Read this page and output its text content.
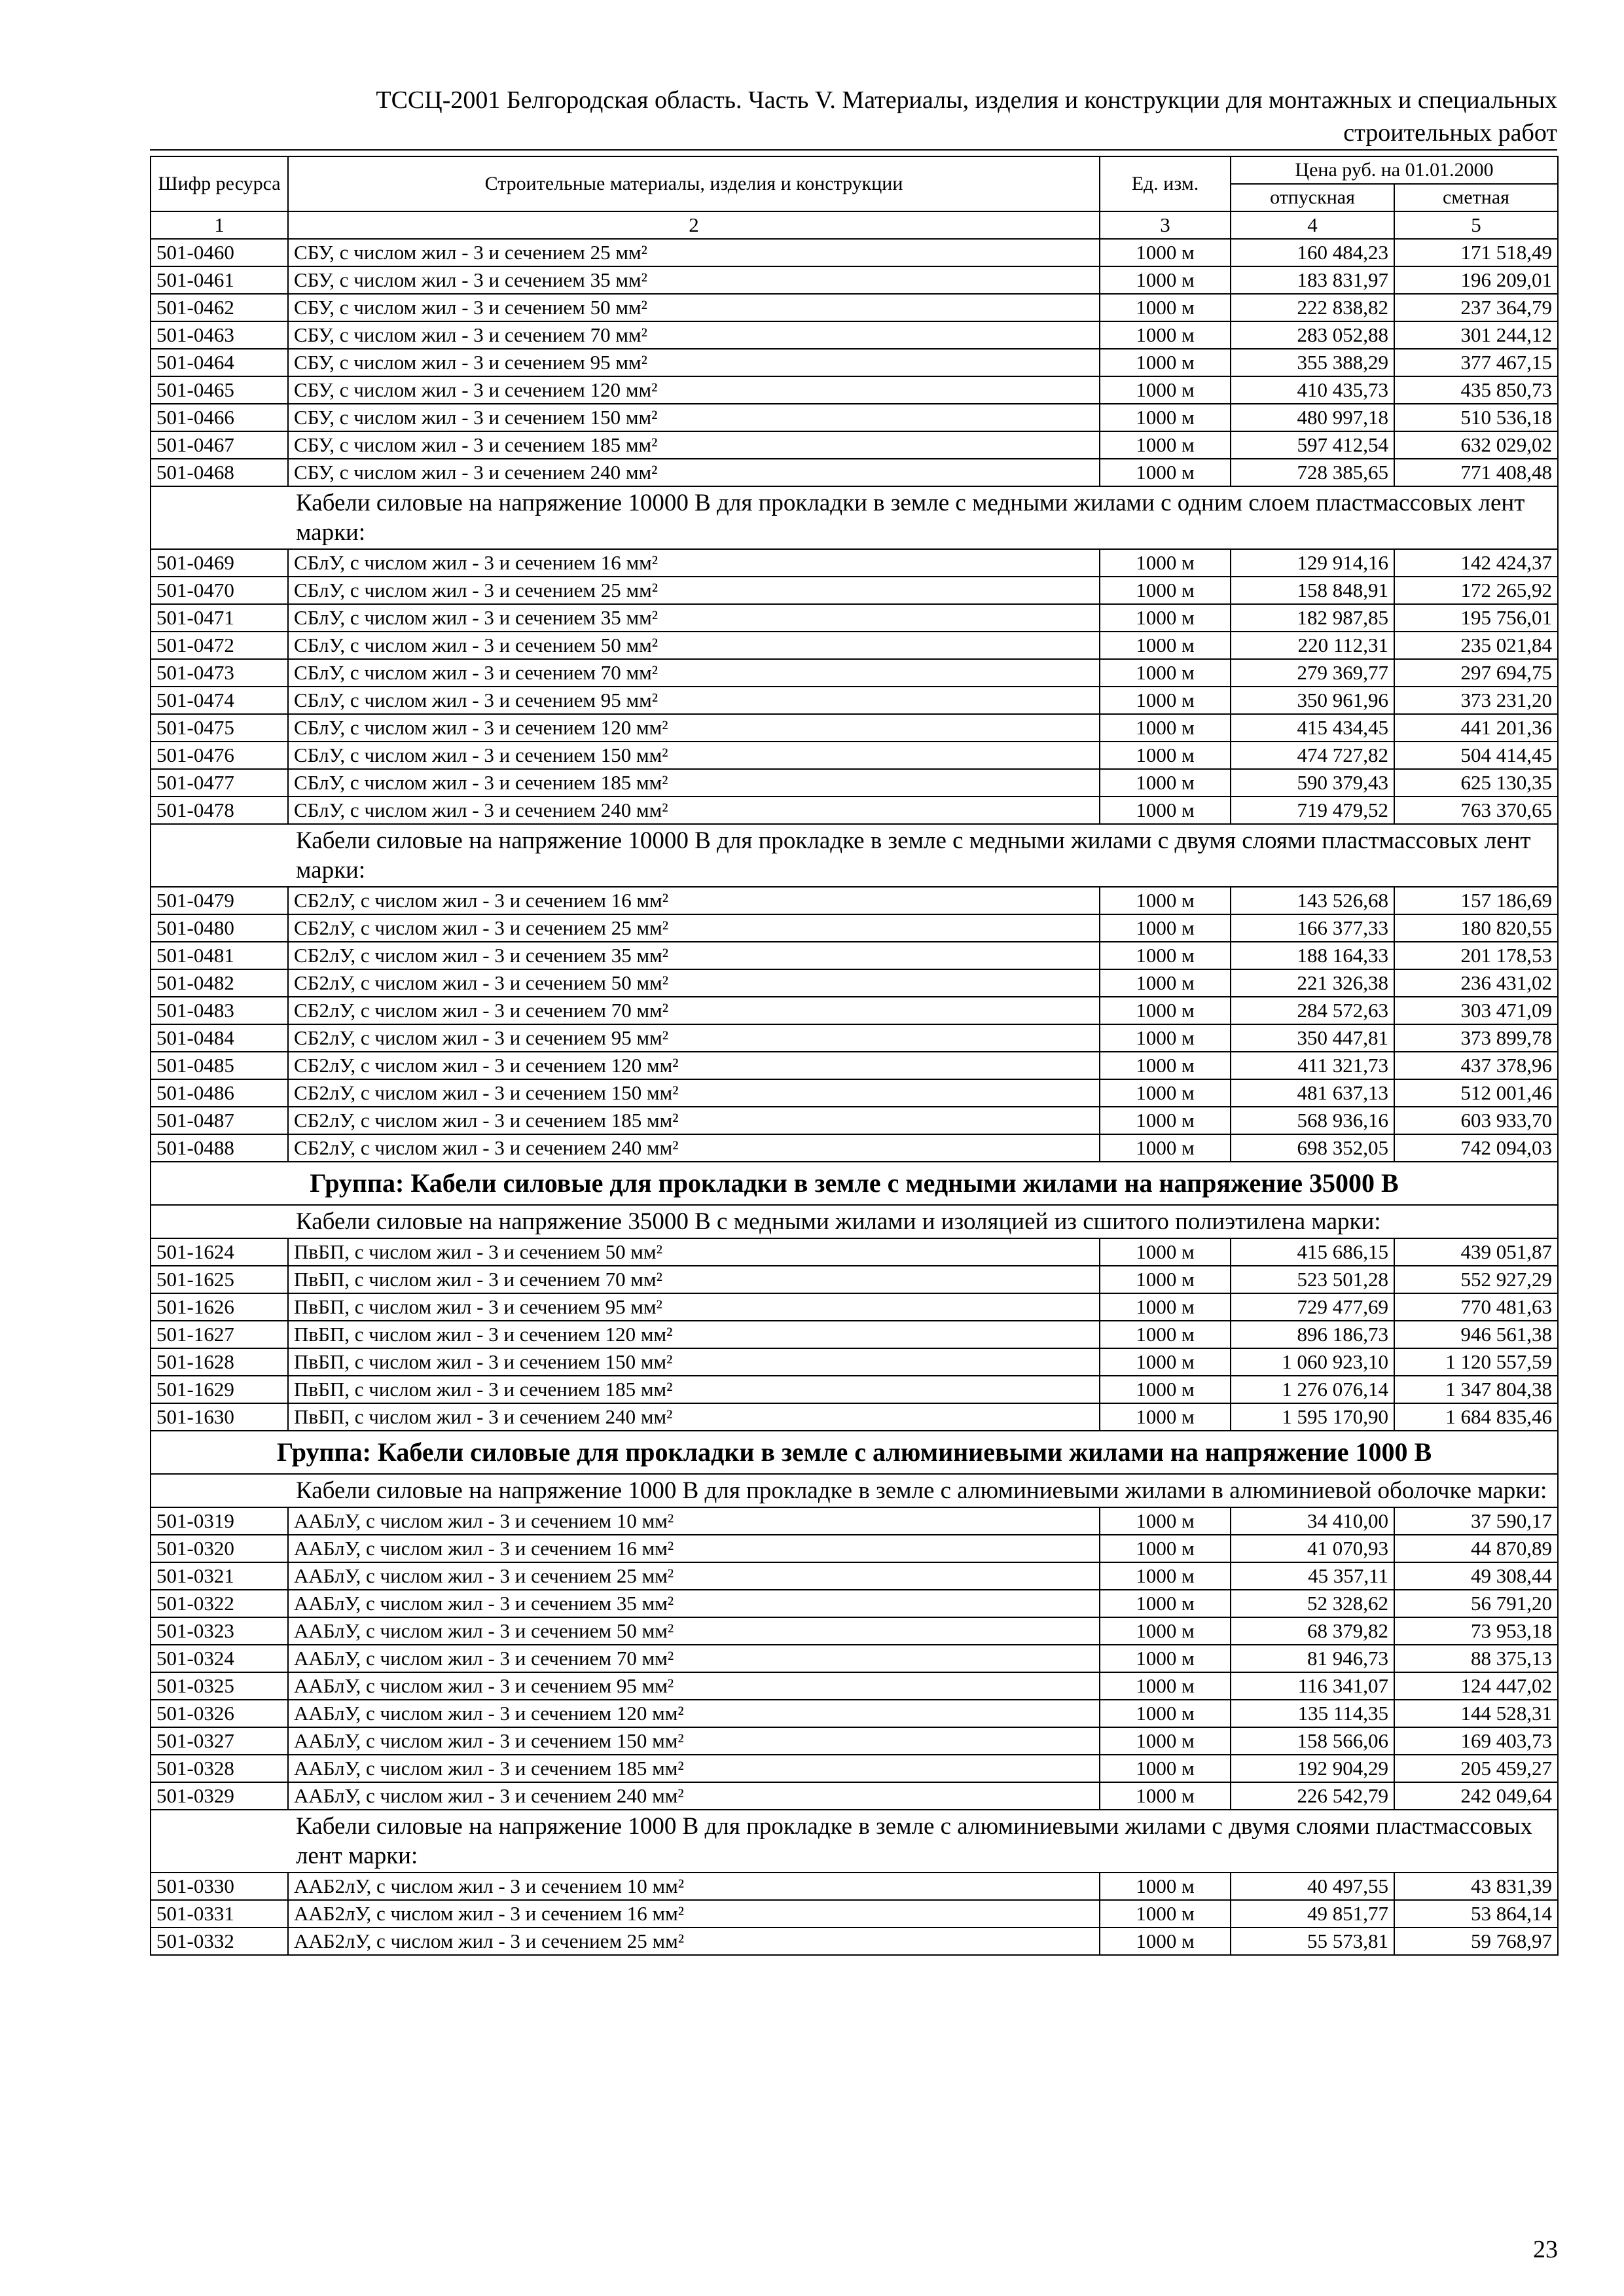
ТССЦ-2001 Белгородская область. Часть V. Материалы, изделия и конструкции для монтажных и специальных
строительных работ
Шифр ресурса	Строительные материалы, изделия и конструкции	Ед. изм.	Цена руб. на 01.01.2000	
			отпускная	сметная
1	2	3	4	5
501-0460	СБУ, с числом жил - 3 и сечением 25 мм²	1000 м	160 484,23	171 518,49
501-0461	СБУ, с числом жил - 3 и сечением 35 мм²	1000 м	183 831,97	196 209,01
501-0462	СБУ, с числом жил - 3 и сечением 50 мм²	1000 м	222 838,82	237 364,79
501-0463	СБУ, с числом жил - 3 и сечением 70 мм²	1000 м	283 052,88	301 244,12
501-0464	СБУ, с числом жил - 3 и сечением 95 мм²	1000 м	355 388,29	377 467,15
501-0465	СБУ, с числом жил - 3 и сечением 120 мм²	1000 м	410 435,73	435 850,73
501-0466	СБУ, с числом жил - 3 и сечением 150 мм²	1000 м	480 997,18	510 536,18
501-0467	СБУ, с числом жил - 3 и сечением 185 мм²	1000 м	597 412,54	632 029,02
501-0468	СБУ, с числом жил - 3 и сечением 240 мм²	1000 м	728 385,65	771 408,48
	Кабели силовые на напряжение 10000 В для прокладки в земле с медными жилами с одним слоем пластмассовых лент марки:			
501-0469	СБлУ, с числом жил - 3 и сечением 16 мм²	1000 м	129 914,16	142 424,37
501-0470	СБлУ, с числом жил - 3 и сечением 25 мм²	1000 м	158 848,91	172 265,92
501-0471	СБлУ, с числом жил - 3 и сечением 35 мм²	1000 м	182 987,85	195 756,01
501-0472	СБлУ, с числом жил - 3 и сечением 50 мм²	1000 м	220 112,31	235 021,84
501-0473	СБлУ, с числом жил - 3 и сечением 70 мм²	1000 м	279 369,77	297 694,75
501-0474	СБлУ, с числом жил - 3 и сечением 95 мм²	1000 м	350 961,96	373 231,20
501-0475	СБлУ, с числом жил - 3 и сечением 120 мм²	1000 м	415 434,45	441 201,36
501-0476	СБлУ, с числом жил - 3 и сечением 150 мм²	1000 м	474 727,82	504 414,45
501-0477	СБлУ, с числом жил - 3 и сечением 185 мм²	1000 м	590 379,43	625 130,35
501-0478	СБлУ, с числом жил - 3 и сечением 240 мм²	1000 м	719 479,52	763 370,65
	Кабели силовые на напряжение 10000 В для прокладке в земле с медными жилами с двумя слоями пластмассовых лент марки:			
501-0479	СБ2лУ, с числом жил - 3 и сечением 16 мм²	1000 м	143 526,68	157 186,69
501-0480	СБ2лУ, с числом жил - 3 и сечением 25 мм²	1000 м	166 377,33	180 820,55
501-0481	СБ2лУ, с числом жил - 3 и сечением 35 мм²	1000 м	188 164,33	201 178,53
501-0482	СБ2лУ, с числом жил - 3 и сечением 50 мм²	1000 м	221 326,38	236 431,02
501-0483	СБ2лУ, с числом жил - 3 и сечением 70 мм²	1000 м	284 572,63	303 471,09
501-0484	СБ2лУ, с числом жил - 3 и сечением 95 мм²	1000 м	350 447,81	373 899,78
501-0485	СБ2лУ, с числом жил - 3 и сечением 120 мм²	1000 м	411 321,73	437 378,96
501-0486	СБ2лУ, с числом жил - 3 и сечением 150 мм²	1000 м	481 637,13	512 001,46
501-0487	СБ2лУ, с числом жил - 3 и сечением 185 мм²	1000 м	568 936,16	603 933,70
501-0488	СБ2лУ, с числом жил - 3 и сечением 240 мм²	1000 м	698 352,05	742 094,03
Группа: Кабели силовые для прокладки в земле с медными жилами на напряжение 35000 В				
	Кабели силовые на напряжение 35000 В с медными жилами и изоляцией из сшитого полиэтилена марки:			
501-1624	ПвБП, с числом жил - 3 и сечением 50 мм²	1000 м	415 686,15	439 051,87
501-1625	ПвБП, с числом жил - 3 и сечением 70 мм²	1000 м	523 501,28	552 927,29
501-1626	ПвБП, с числом жил - 3 и сечением 95 мм²	1000 м	729 477,69	770 481,63
501-1627	ПвБП, с числом жил - 3 и сечением 120 мм²	1000 м	896 186,73	946 561,38
501-1628	ПвБП, с числом жил - 3 и сечением 150 мм²	1000 м	1 060 923,10	1 120 557,59
501-1629	ПвБП, с числом жил - 3 и сечением 185 мм²	1000 м	1 276 076,14	1 347 804,38
501-1630	ПвБП, с числом жил - 3 и сечением 240 мм²	1000 м	1 595 170,90	1 684 835,46
Группа: Кабели силовые для прокладки в земле с алюминиевыми жилами на напряжение 1000 В				
	Кабели силовые на напряжение 1000 В для прокладке в земле с алюминиевыми жилами в алюминиевой оболочке марки:			
501-0319	ААБлУ, с числом жил - 3 и сечением 10 мм²	1000 м	34 410,00	37 590,17
501-0320	ААБлУ, с числом жил - 3 и сечением 16 мм²	1000 м	41 070,93	44 870,89
501-0321	ААБлУ, с числом жил - 3 и сечением 25 мм²	1000 м	45 357,11	49 308,44
501-0322	ААБлУ, с числом жил - 3 и сечением 35 мм²	1000 м	52 328,62	56 791,20
501-0323	ААБлУ, с числом жил - 3 и сечением 50 мм²	1000 м	68 379,82	73 953,18
501-0324	ААБлУ, с числом жил - 3 и сечением 70 мм²	1000 м	81 946,73	88 375,13
501-0325	ААБлУ, с числом жил - 3 и сечением 95 мм²	1000 м	116 341,07	124 447,02
501-0326	ААБлУ, с числом жил - 3 и сечением 120 мм²	1000 м	135 114,35	144 528,31
501-0327	ААБлУ, с числом жил - 3 и сечением 150 мм²	1000 м	158 566,06	169 403,73
501-0328	ААБлУ, с числом жил - 3 и сечением 185 мм²	1000 м	192 904,29	205 459,27
501-0329	ААБлУ, с числом жил - 3 и сечением 240 мм²	1000 м	226 542,79	242 049,64
	Кабели силовые на напряжение 1000 В для прокладке в земле с алюминиевыми жилами с двумя слоями пластмассовых лент марки:			
501-0330	ААБ2лУ, с числом жил - 3 и сечением 10 мм²	1000 м	40 497,55	43 831,39
501-0331	ААБ2лУ, с числом жил - 3 и сечением 16 мм²	1000 м	49 851,77	53 864,14
501-0332	ААБ2лУ, с числом жил - 3 и сечением 25 мм²	1000 м	55 573,81	59 768,97
23
